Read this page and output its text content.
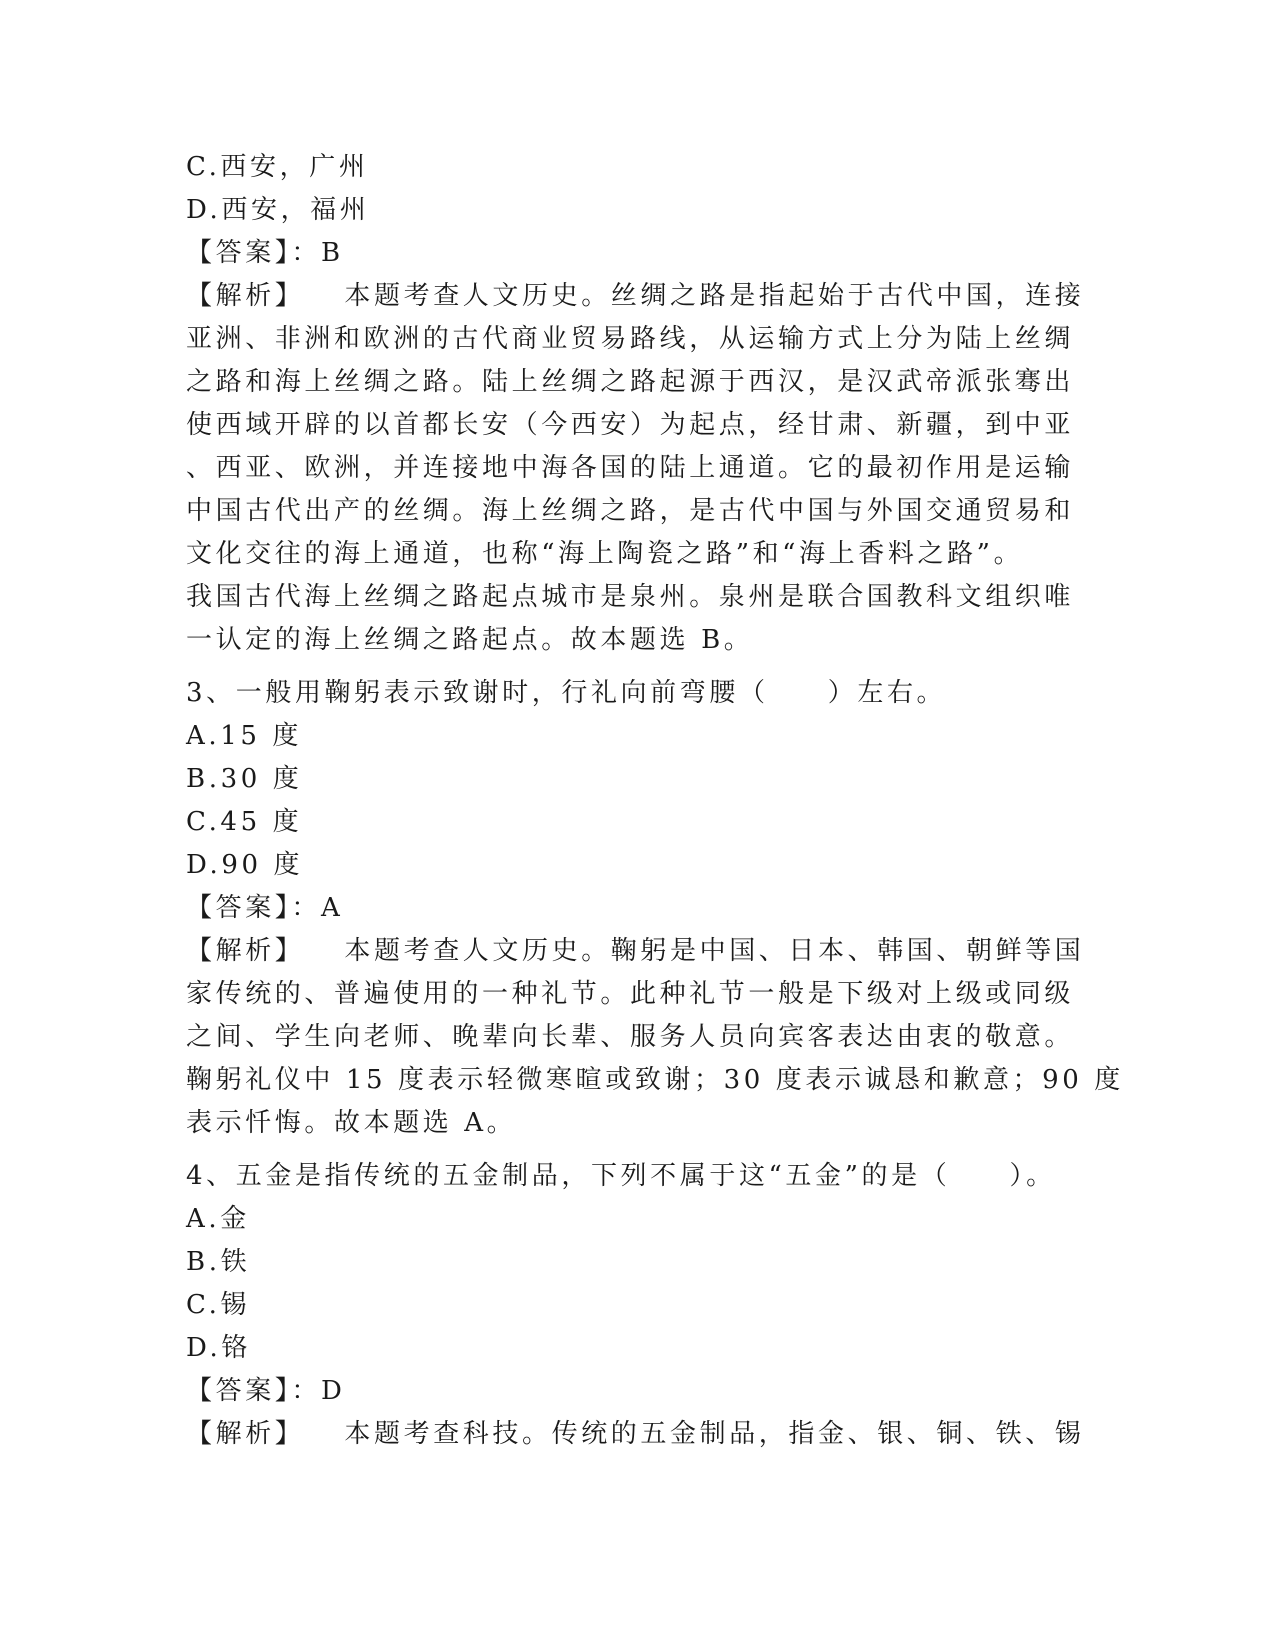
C.西安，广州
D.西安，福州
【答案】：B
【解析】 本题考查人文历史。丝绸之路是指起始于古代中国，连接
亚洲、非洲和欧洲的古代商业贸易路线，从运输方式上分为陆上丝绸
之路和海上丝绸之路。陆上丝绸之路起源于西汉，是汉武帝派张骞出
使西域开辟的以首都长安（今西安）为起点，经甘肃、新疆，到中亚
、西亚、欧洲，并连接地中海各国的陆上通道。它的最初作用是运输
中国古代出产的丝绸。海上丝绸之路，是古代中国与外国交通贸易和
文化交往的海上通道，也称“海上陶瓷之路”和“海上香料之路”。
我国古代海上丝绸之路起点城市是泉州。泉州是联合国教科文组织唯
一认定的海上丝绸之路起点。故本题选 B。
3、一般用鞠躬表示致谢时，行礼向前弯腰（　　）左右。
A.15 度
B.30 度
C.45 度
D.90 度
【答案】：A
【解析】 本题考查人文历史。鞠躬是中国、日本、韩国、朝鲜等国
家传统的、普遍使用的一种礼节。此种礼节一般是下级对上级或同级
之间、学生向老师、晚辈向长辈、服务人员向宾客表达由衷的敬意。
鞠躬礼仪中 15 度表示轻微寒暄或致谢；30 度表示诚恳和歉意；90 度
表示忏悔。故本题选 A。
4、五金是指传统的五金制品，下列不属于这“五金”的是（　　）。
A.金
B.铁
C.锡
D.铬
【答案】：D
【解析】 本题考查科技。传统的五金制品，指金、银、铜、铁、锡
